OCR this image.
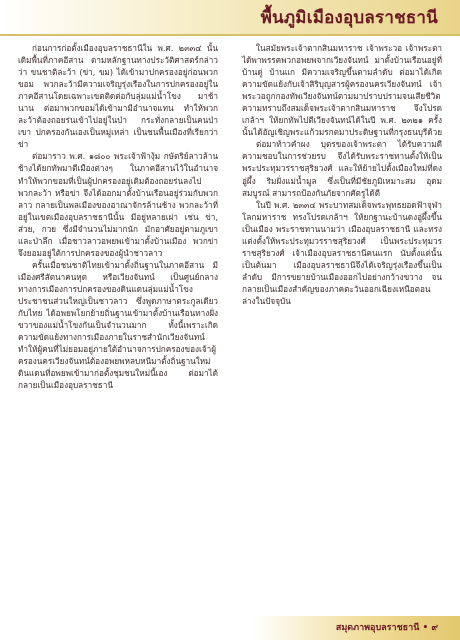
พื้นภูมิเมืองอุบลราชธานี

ก่อนการก่อตั้งเมืองอุบลราชธานีใน พ.ศ. ๒๓๓๔ นั้น เดิมพื้นที่ภาคอีสาน ตามหลักฐานทางประวัติศาสตร์กล่าวว่า ขนชาติละว้า (ข่า, ขม) ได้เข้ามาปกครองอยู่ก่อนพวกขอม พวกละว้ามีความเจริญรุ่งเรืองในการปกครองอยู่ในภาคอีสานโดยเฉพาะเขตติดต่อกับลุ่มแม่น้ำโขง มาช้านาน ต่อมาพวกขอมได้เข้ามามีอำนาจแทน ทำให้พวกละว้าต้องถอยร่นเข้าไปอยู่ในป่า กระทั่งกลายเป็นคนป่าเขา ปกครองกันเองเป็นหมู่เหล่า เป็นชนพื้นเมืองที่เรียกว่า ข่า

ต่อมาราว พ.ศ. ๑๘๐๐ พระเจ้าฟ้างุ้ม กษัตริย์ลาวล้านช้างได้ยกทัพมาตีเมืองต่างๆ ในภาคอีสานไว้ในอำนาจ ทำให้พวกขอมที่เป็นผู้ปกครองอยู่เดิมต้องถอยร่นลงไป พวกละว้า หรือข่า จึงได้ออกมาตั้งบ้านเรือนอยู่ร่วมกับพวกลาว กลายเป็นพลเมืองของอาณาจักรล้านช้าง พวกละว้าที่อยู่ในเขตเมืองอุบลราชธานีนั้น มีอยู่หลายเผ่า เช่น ข่า, ส่วย, กวย ซึ่งมีจำนวนไม่มากนัก มักอาศัยอยู่ตามภูเขาและป่าลึก เมื่อชาวลาวอพยพเข้ามาตั้งบ้านเมือง พวกข่าจึงยอมอยู่ใต้การปกครองของผู้นำชาวลาว

ครั้นเมื่อชนชาติไทยเข้ามาตั้งถิ่นฐานในภาคอีสาน มีเมืองศรีสัตนาคนหุต หรือเวียงจันทน์ เป็นศูนย์กลางทางการเมืองการปกครองของดินแดนลุ่มแม่น้ำโขง ประชาชนส่วนใหญ่เป็นชาวลาว ซึ่งพูดภาษาตระกูลเดียวกับไทย ได้อพยพโยกย้ายถิ่นฐานเข้ามาตั้งบ้านเรือนทางฝั่งขวาของแม่น้ำโขงกันเป็นจำนวนมาก ทั้งนี้เพราะเกิดความขัดแย้งทางการเมืองภายในราชสำนักเวียงจันทน์ ทำให้ผู้คนที่ไม่ยอมอยู่ภายใต้อำนาจการปกครองของเจ้าผู้ครองนครเวียงจันทน์ต้องอพยพหลบหนีมาตั้งถิ่นฐานใหม่ ดินแดนที่อพยพเข้ามาก่อตั้งชุมชนใหม่นี้เอง ต่อมาได้กลายเป็นเมืองอุบลราชธานี

ในสมัยพระเจ้าตากสินมหาราช เจ้าพระวอ เจ้าพระตา ได้พาพรรคพวกอพยพจากเวียงจันทน์ มาตั้งบ้านเรือนอยู่ที่ บ้านดู่ บ้านแก มีความเจริญขึ้นตามลำดับ ต่อมาได้เกิดความขัดแย้งกับเจ้าสิริบุญสารผู้ครองนครเวียงจันทน์ เจ้าพระวอถูกกองทัพเวียงจันทน์ตามมาปราบปรามจนเสียชีวิต ความทราบถึงสมเด็จพระเจ้าตากสินมหาราช จึงโปรดเกล้าฯ ให้ยกทัพไปตีเวียงจันทน์ได้ในปี พ.ศ. ๒๓๒๑ ครั้งนั้นได้อัญเชิญพระแก้วมรกตมาประดิษฐานที่กรุงธนบุรีด้วย

ต่อมาท้าวคำผง บุตรของเจ้าพระตา ได้รับความดีความชอบในการช่วยรบ จึงได้รับพระราชทานตั้งให้เป็นพระประทุมวรราชสุริยวงศ์ และให้ย้ายไปตั้งเมืองใหม่ที่ดงอู่ผึ้ง ริมฝั่งแม่น้ำมูล ซึ่งเป็นที่มีชัยภูมิเหมาะสม อุดมสมบูรณ์ สามารถป้องกันภัยจากศัตรูได้ดี

ในปี พ.ศ. ๒๓๓๔ พระบาทสมเด็จพระพุทธยอดฟ้าจุฬาโลกมหาราช ทรงโปรดเกล้าฯ ให้ยกฐานะบ้านดงอู่ผึ้งขึ้นเป็นเมือง พระราชทานนามว่า เมืองอุบลราชธานี และทรงแต่งตั้งให้พระประทุมวรราชสุริยวงศ์ เป็นพระประทุมวรราชสุริยวงศ์ เจ้าเมืองอุบลราชธานีคนแรก นับตั้งแต่นั้นเป็นต้นมา เมืองอุบลราชธานีจึงได้เจริญรุ่งเรืองขึ้นเป็นลำดับ มีการขยายบ้านเมืองออกไปอย่างกว้างขวาง จนกลายเป็นเมืองสำคัญของภาคตะวันออกเฉียงเหนือตอนล่างในปัจจุบัน

สมุดภาพอุบลราชธานี • ๙
